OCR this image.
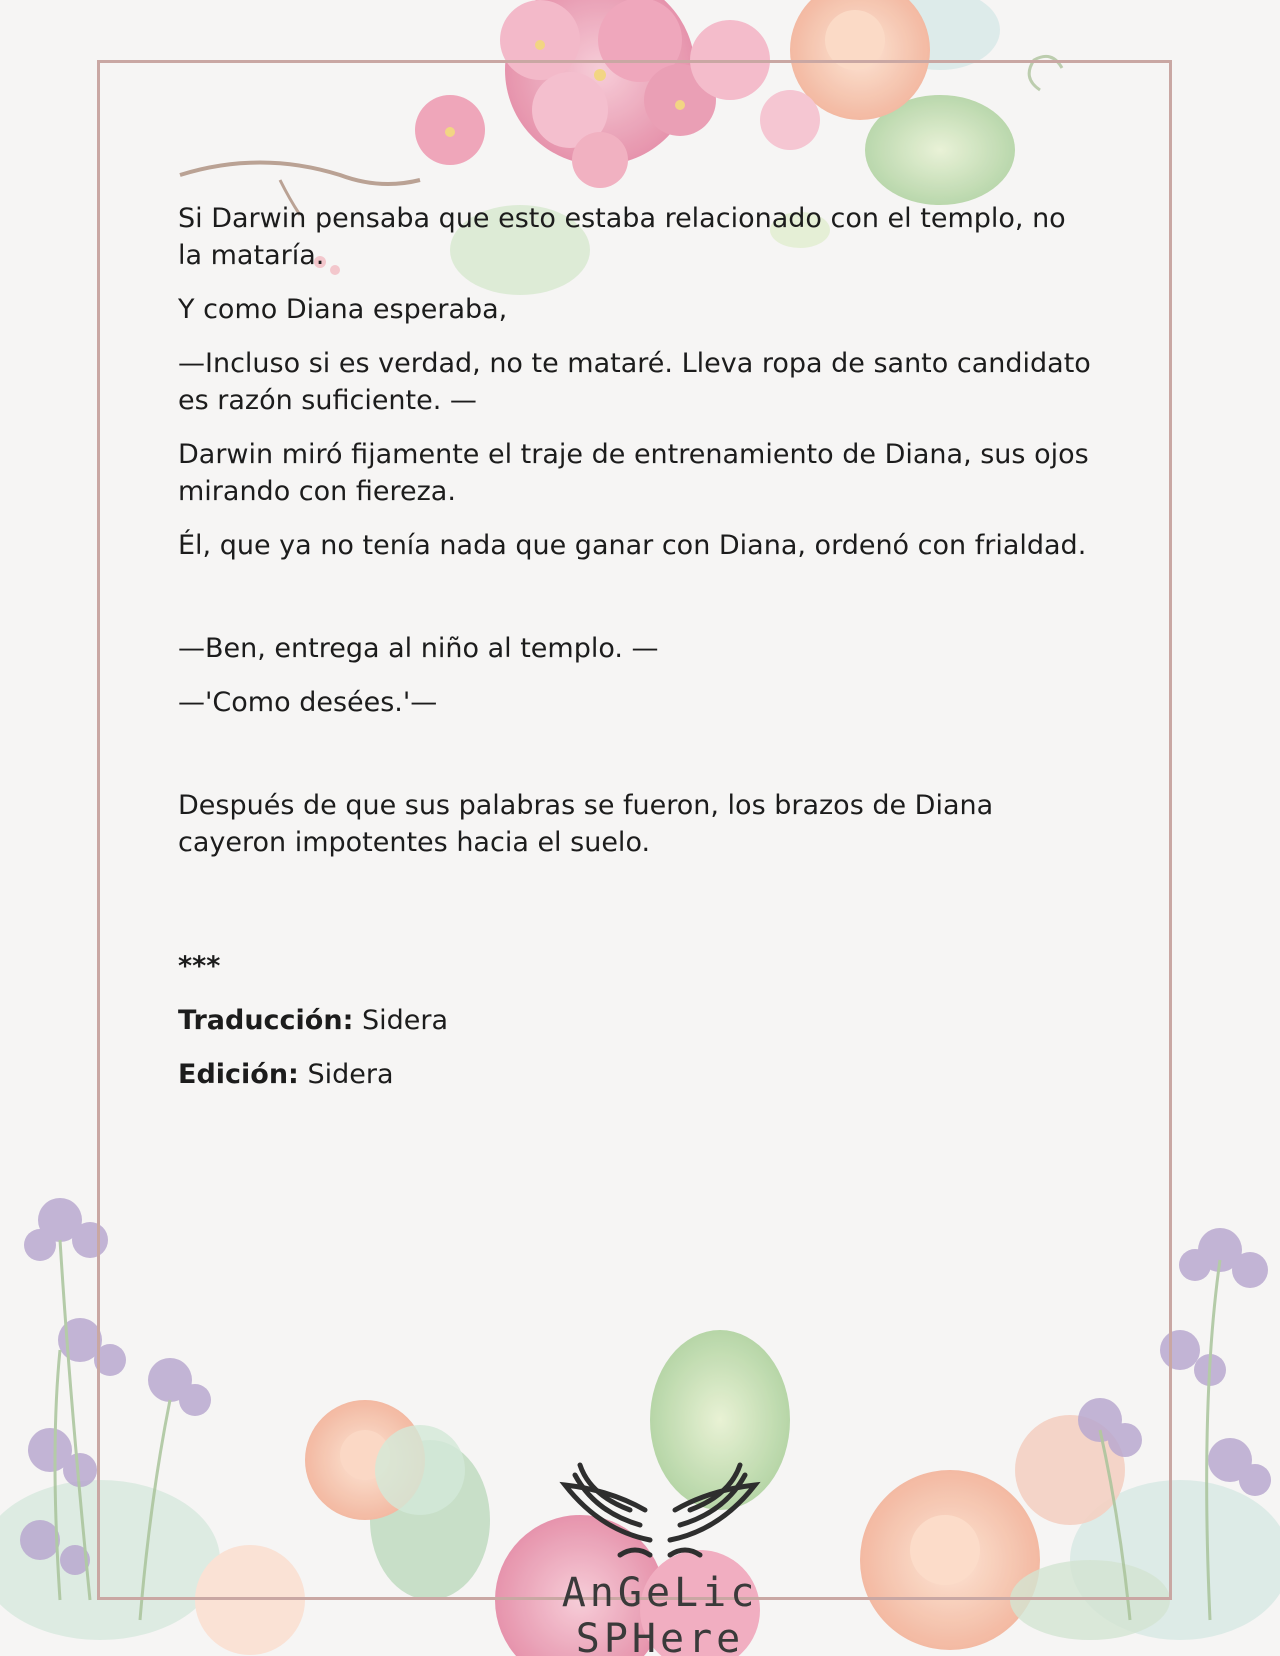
Si Darwin pensaba que esto estaba relacionado con el templo, no la mataría.

Y como Diana esperaba,

—Incluso si es verdad, no te mataré. Lleva ropa de santo candidato es razón suficiente. —

Darwin miró fijamente el traje de entrenamiento de Diana, sus ojos mirando con fiereza.

Él, que ya no tenía nada que ganar con Diana, ordenó con frialdad.

—Ben, entrega al niño al templo. —

—'Como desées.'—

Después de que sus palabras se fueron, los brazos de Diana cayeron impotentes hacia el suelo.

***

Traducción: Sidera

Edición: Sidera

AnGeLic SPHere
